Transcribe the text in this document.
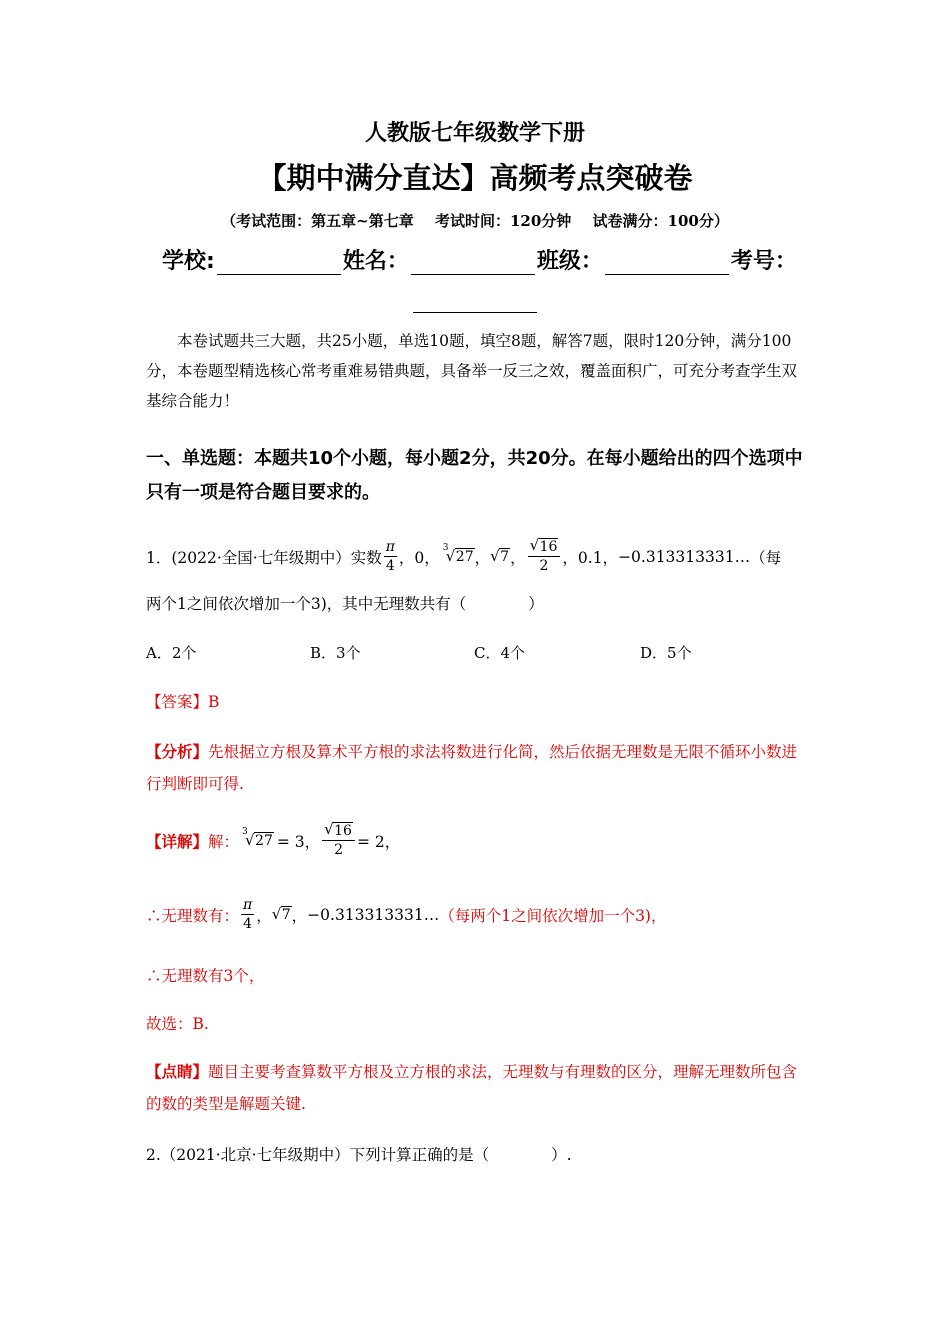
人教版七年级数学下册
【期中满分直达】高频考点突破卷
（考试范围：第五章~第七章 考试时间：120分钟 试卷满分：100分）
学校:	姓名：	班级：	考号：
本卷试题共三大题，共25小题，单选10题，填空8题，解答7题，限时120分钟，满分100分，本卷题型精选核心常考重难易错典题，具备举一反三之效，覆盖面积广，可充分考查学生双基综合能力！
一、单选题：本题共10个小题，每小题2分，共20分。在每小题给出的四个选项中只有一项是符合题目要求的。
1．(2022·全国·七年级期中）实数 $\frac{\pi}{4}$ ，0，
3
√ 27 ， √ 7 ， $\frac{√ 16}{2}$ ，0.1， −0.313313331… （每
两个1之间依次增加一个3)，其中无理数共有（　　　　）
A．2个	B．3个	C．4个	D．5个
【答案】B
【分析】先根据立方根及算术平方根的求法将数进行化简，然后依据无理数是无限不循环小数进行判断即可得.
【详解】 解：
3
√ 27 = 3， $\frac{√ 16}{2} = 2$，
∴无理数有： $\frac{\pi}{4}$ ， √ 7 ， −0.313313331… （每两个1之间依次增加一个3)，
∴无理数有3个，
故选：B.
【点睛】题目主要考查算数平方根及立方根的求法，无理数与有理数的区分，理解无理数所包含的数的类型是解题关键.
2.（2021·北京·七年级期中）下列计算正确的是（　　　　）.
